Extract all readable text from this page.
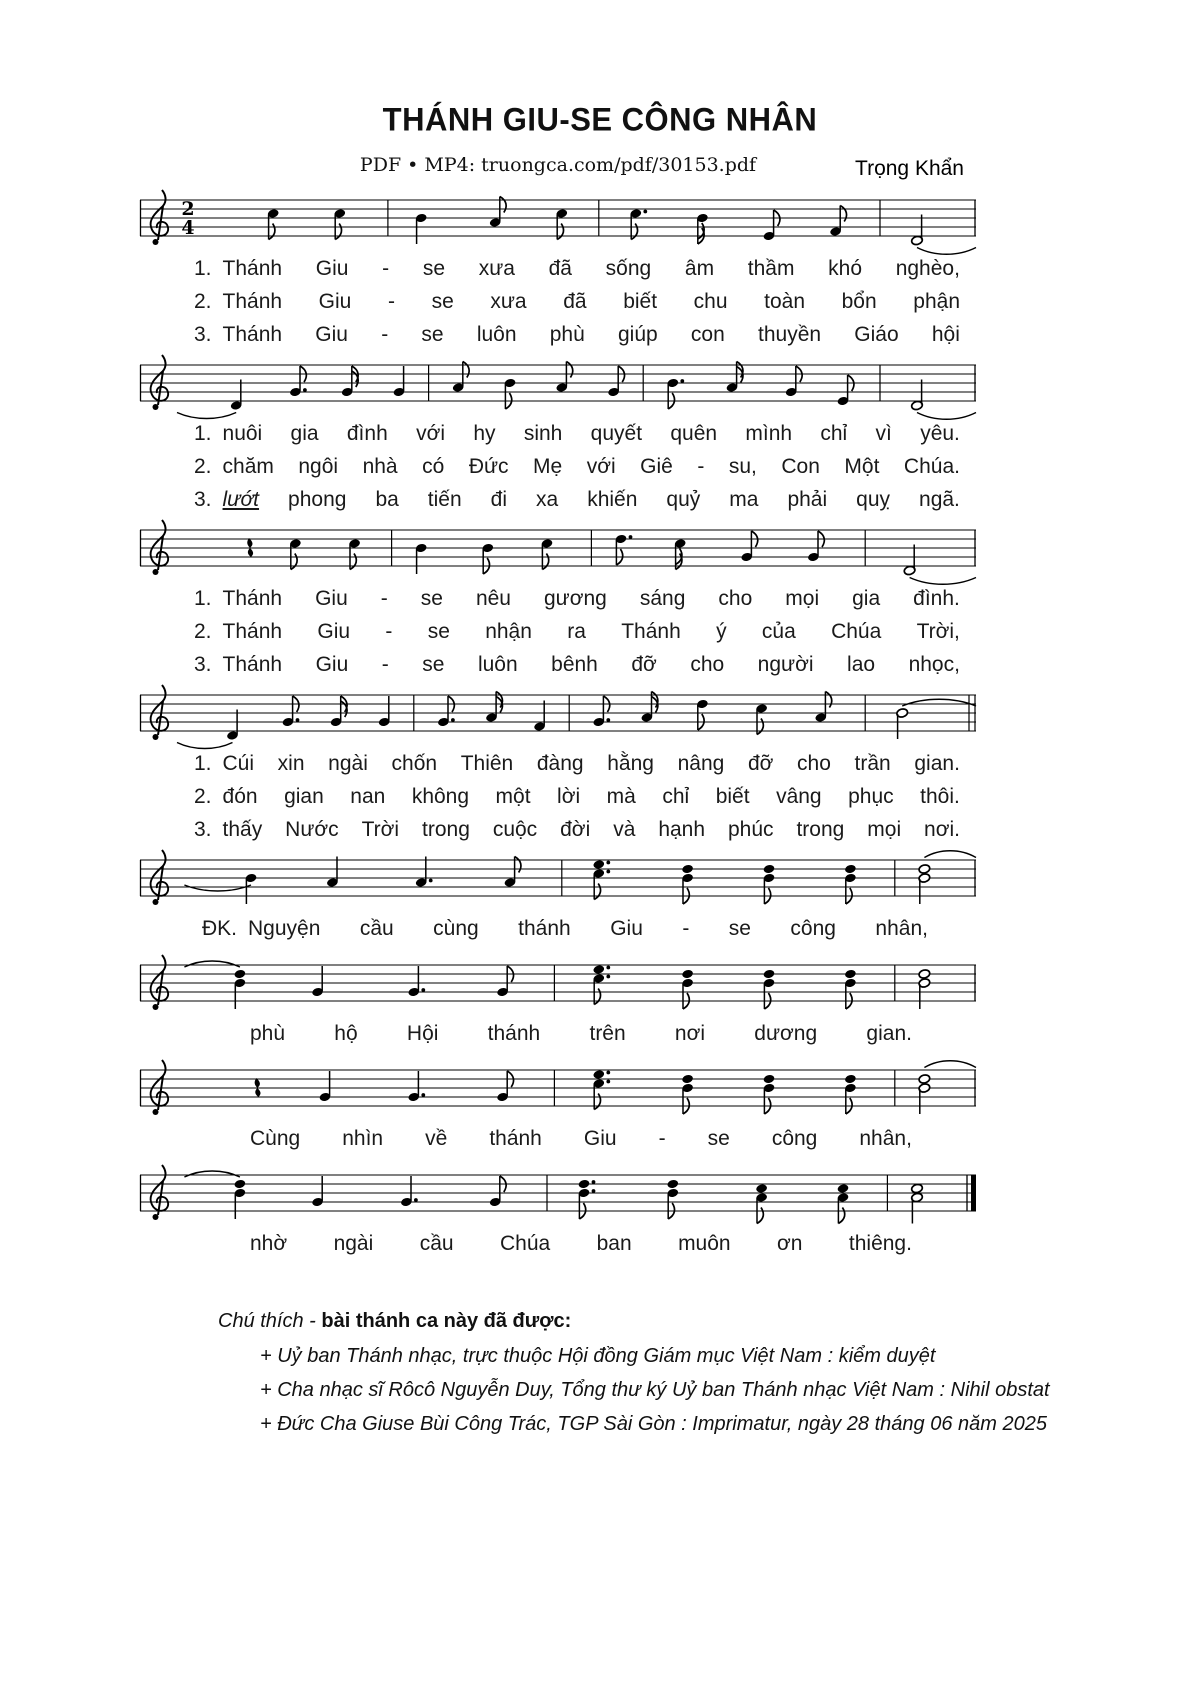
THÁNH GIU-SE CÔNG NHÂN
PDF • MP4: truongca.com/pdf/30153.pdf	Trọng Khẩn
2
4
1. Thánh Giu - se xưa đã sống âm thầm khó nghèo,
2. Thánh Giu - se xưa đã biết chu toàn bổn phận
3. Thánh Giu - se luôn phù giúp con thuyền Giáo hội
1. nuôi gia đình với hy sinh quyết quên mình chỉ vì yêu.
2. chăm ngôi nhà có Đức Mẹ với Giê - su, Con Một Chúa.
3. lướt phong ba tiến đi xa khiến quỷ ma phải quỵ ngã.
1. Thánh Giu - se nêu gương sáng cho mọi gia đình.
2. Thánh Giu - se nhận ra Thánh ý của Chúa Trời,
3. Thánh Giu - se luôn bênh đỡ cho người lao nhọc,
1. Cúi xin ngài chốn Thiên đàng hằng nâng đỡ cho trần gian.
2. đón gian nan không một lời mà chỉ biết vâng phục thôi.
3. thấy Nước Trời trong cuộc đời và hạnh phúc trong mọi nơi.
ĐK. Nguyện cầu cùng thánh Giu - se công nhân,
phù hộ Hội thánh trên nơi dương gian.
Cùng nhìn về thánh Giu - se công nhân,
nhờ ngài cầu Chúa ban muôn ơn thiêng.
Chú thích - bài thánh ca này đã được:
+ Uỷ ban Thánh nhạc, trực thuộc Hội đồng Giám mục Việt Nam : kiểm duyệt
+ Cha nhạc sĩ Rôcô Nguyễn Duy, Tổng thư ký Uỷ ban Thánh nhạc Việt Nam : Nihil obstat
+ Đức Cha Giuse Bùi Công Trác, TGP Sài Gòn : Imprimatur, ngày 28 tháng 06 năm 2025
